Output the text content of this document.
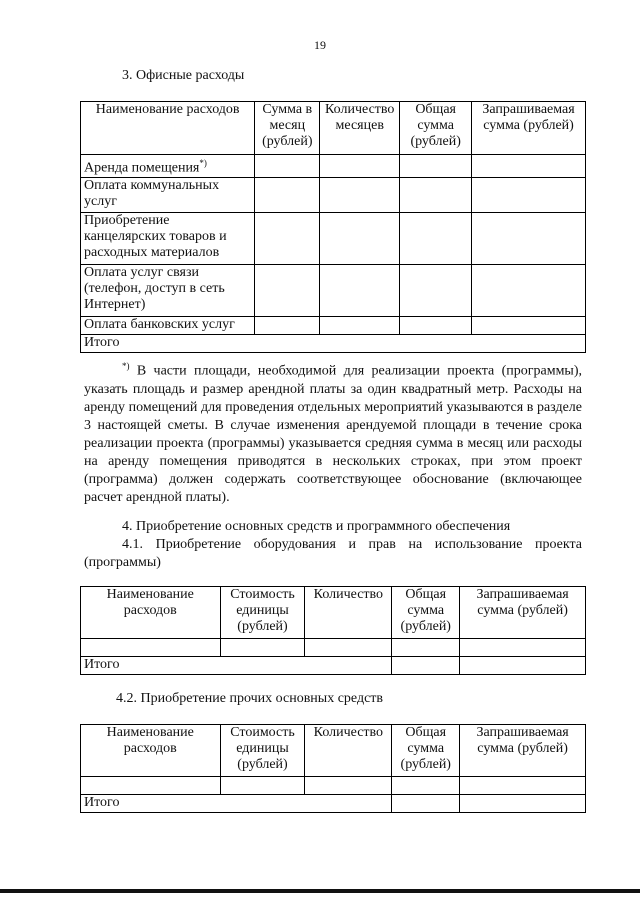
19
3. Офисные расходы
Наименование расходов	Сумма в месяц (рублей)	Количество месяцев	Общая сумма (рублей)	Запрашиваемая сумма (рублей)
Аренда помещения*)				
Оплата коммунальных услуг				
Приобретение канцелярских товаров и расходных материалов				
Оплата услуг связи (телефон, доступ в сеть Интернет)				
Оплата банковских услуг				
Итого				
*) В части площади, необходимой для реализации проекта (программы), указать площадь и размер арендной платы за один квадратный метр. Расходы на аренду помещений для проведения отдельных мероприятий указываются в разделе 3 настоящей сметы. В случае изменения арендуемой площади в течение срока реализации проекта (программы) указывается средняя сумма в месяц или расходы на аренду помещения приводятся в нескольких строках, при этом проект (программа) должен содержать соответствующее обоснование (включающее расчет арендной платы).
4. Приобретение основных средств и программного обеспечения
4.1. Приобретение оборудования и прав на использование проекта (программы)
Наименование расходов	Стоимость единицы (рублей)	Количество	Общая сумма (рублей)	Запрашиваемая сумма (рублей)

Итого				
4.2. Приобретение прочих основных средств
Наименование расходов	Стоимость единицы (рублей)	Количество	Общая сумма (рублей)	Запрашиваемая сумма (рублей)

Итого				
